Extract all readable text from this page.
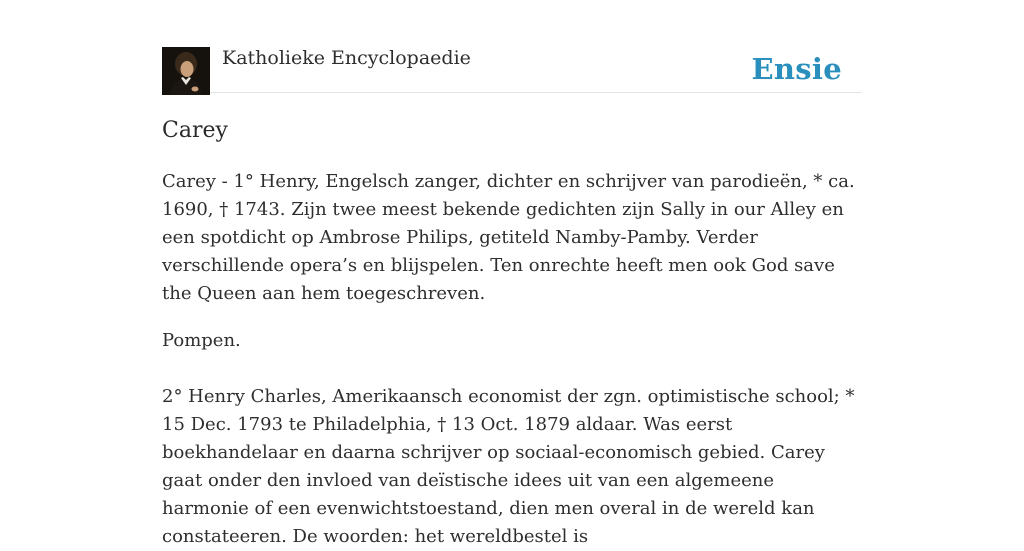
Katholieke Encyclopaedie	Ensie
Carey

Carey - 1° Henry, Engelsch zanger, dichter en schrijver van parodieën, * ca. 1690, † 1743. Zijn twee meest bekende gedichten zijn Sally in our Alley en een spotdicht op Ambrose Philips, getiteld Namby-Pamby. Verder verschillende opera’s en blijspelen. Ten onrechte heeft men ook God save the Queen aan hem toegeschreven.

Pompen.

2° Henry Charles, Amerikaansch economist der zgn. optimistische school; * 15 Dec. 1793 te Philadelphia, † 13 Oct. 1879 aldaar. Was eerst boekhandelaar en daarna schrijver op sociaal-economisch gebied. Carey gaat onder den invloed van deïstische idees uit van een algemeene harmonie of een evenwichtstoestand, dien men overal in de wereld kan constateeren. De woorden: het wereldbestel is
